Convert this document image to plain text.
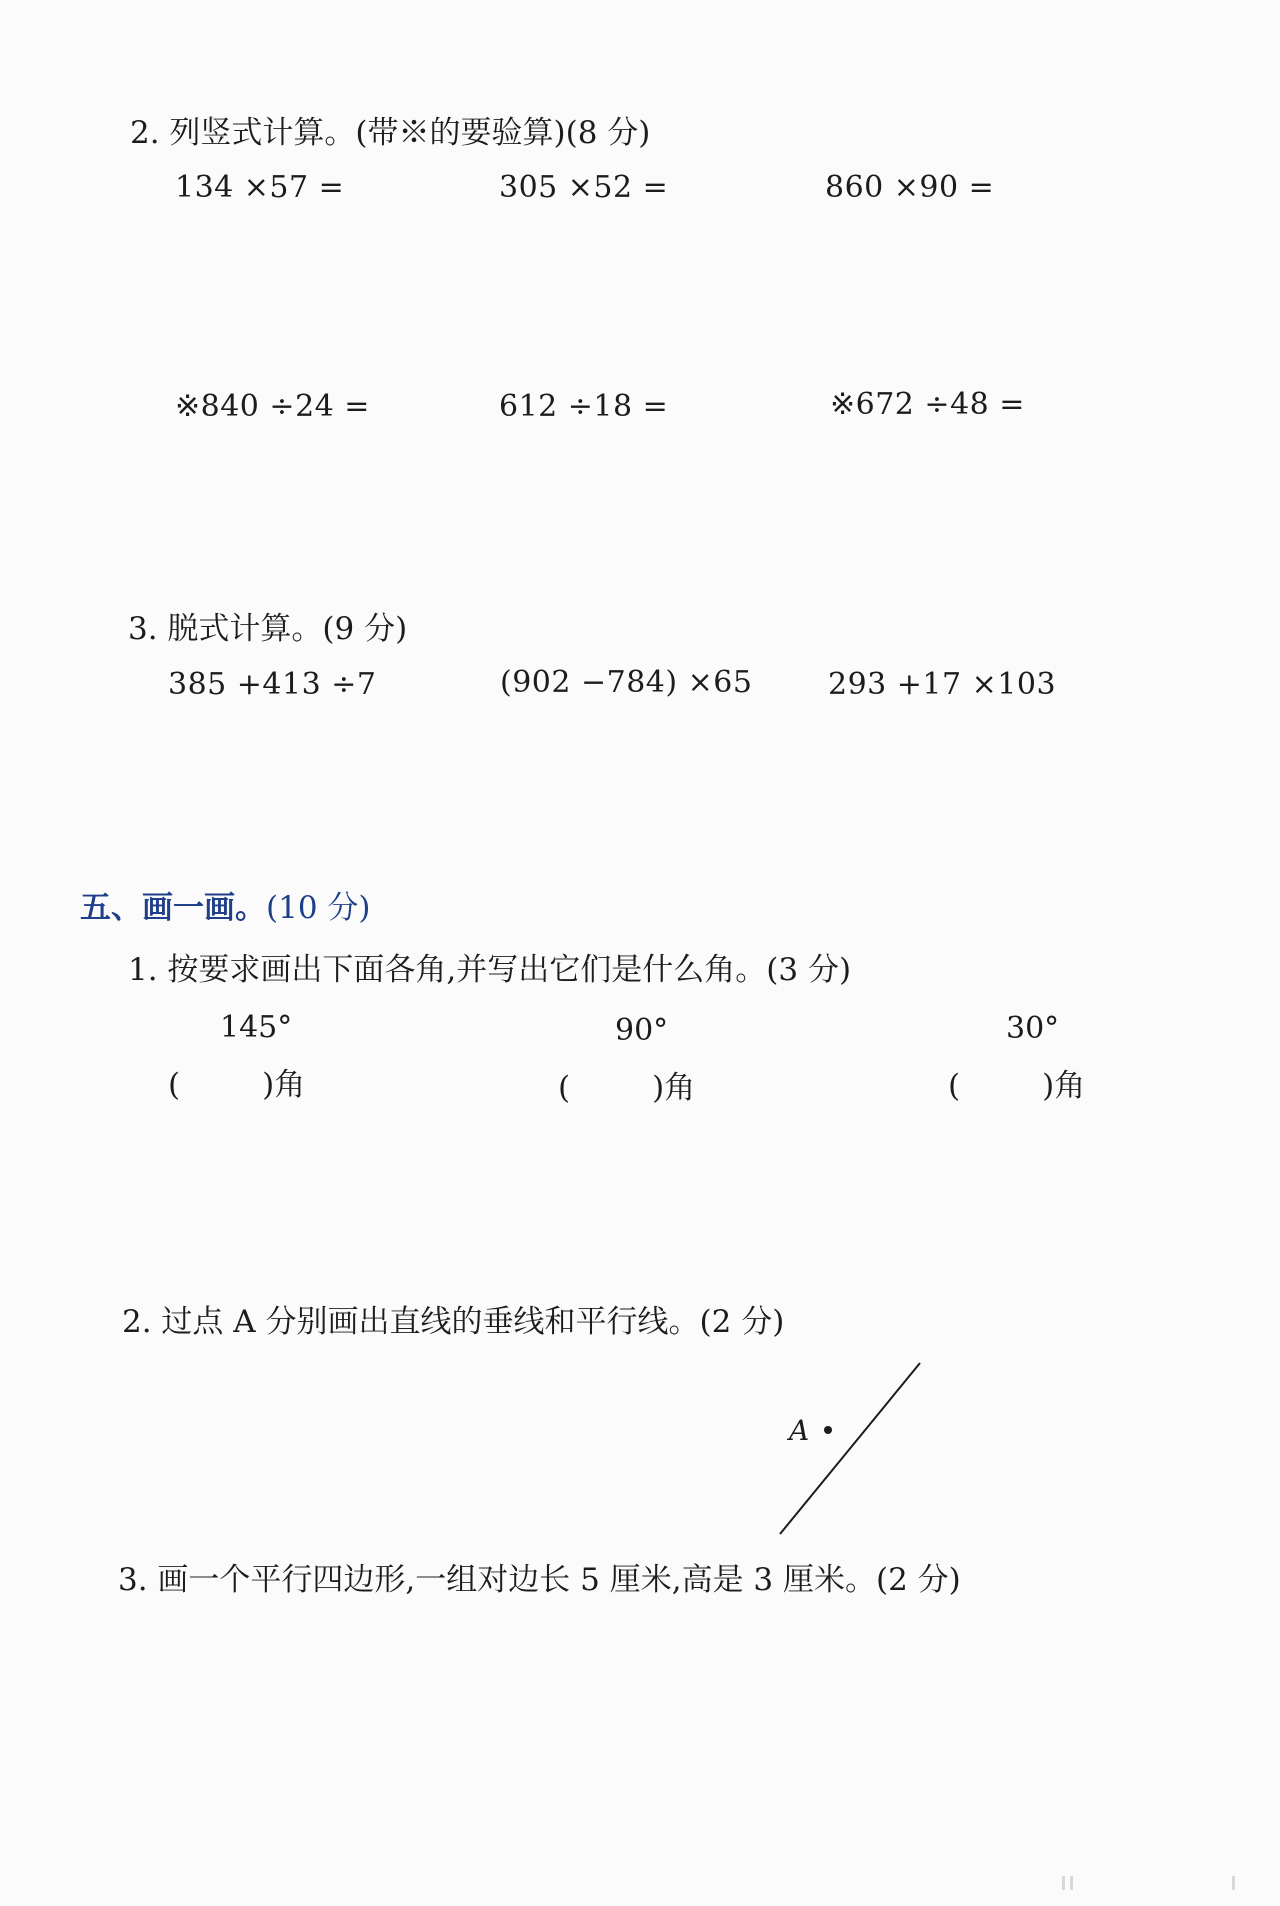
2. 列竖式计算。(带※的要验算)(8 分)
134 ×57 =	305 ×52 =	860 ×90 =
※840 ÷24 =	612 ÷18 =	※672 ÷48 =
3. 脱式计算。(9 分)
385 +413 ÷7	(902 −784) ×65	293 +17 ×103
五、画一画。(10 分)
1. 按要求画出下面各角,并写出它们是什么角。(3 分)
145°	90°	30°
(	)角	(	)角	(	)角
2. 过点 A 分别画出直线的垂线和平行线。(2 分)
A
3. 画一个平行四边形,一组对边长 5 厘米,高是 3 厘米。(2 分)
